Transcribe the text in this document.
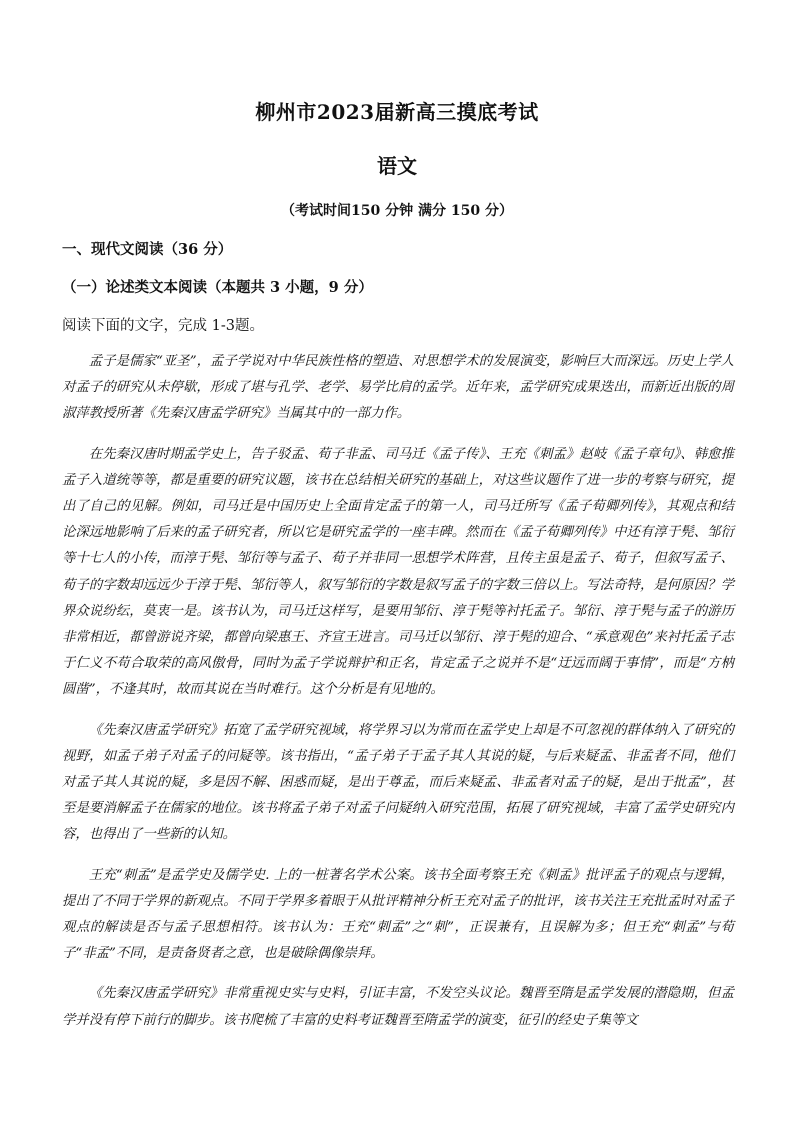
柳州市2023届新高三摸底考试
语文
（考试时间150 分钟 满分 150 分）
一、现代文阅读（36 分）
（一）论述类文本阅读（本题共 3 小题，9 分）
阅读下面的文字，完成 1-3题。

孟子是儒家“亚圣”，孟子学说对中华民族性格的塑造、对思想学术的发展演变，影响巨大而深远。历史上学人对孟子的研究从未停歇，形成了堪与孔学、老学、易学比肩的孟学。近年来，孟学研究成果迭出，而新近出版的周淑萍教授所著《先秦汉唐孟学研究》当属其中的一部力作。

在先秦汉唐时期孟学史上，告子驳孟、荀子非孟、司马迁《孟子传》、王充《刺孟》赵岐《孟子章句》、韩愈推孟子入道统等等，都是重要的研究议题，该书在总结相关研究的基础上，对这些议题作了进一步的考察与研究，提出了自己的见解。例如，司马迁是中国历史上全面肯定孟子的第一人，司马迁所写《孟子荀卿列传》，其观点和结论深远地影响了后来的孟子研究者，所以它是研究孟学的一座丰碑。然而在《孟子荀卿列传》中还有淳于髡、邹衍等十七人的小传，而淳于髡、邹衍等与孟子、荀子并非同一思想学术阵营，且传主虽是孟子、荀子，但叙写孟子、荀子的字数却远远少于淳于髡、邹衍等人，叙写邹衍的字数是叙写孟子的字数三倍以上。写法奇特，是何原因？学界众说纷纭，莫衷一是。该书认为，司马迁这样写，是要用邹衍、淳于髡等衬托孟子。邹衍、淳于髡与孟子的游历非常相近，都曾游说齐梁，都曾向梁惠王、齐宣王进言。司马迁以邹衍、淳于髡的迎合、“承意观色”来衬托孟子志于仁义不苟合取荣的高风傲骨，同时为孟子学说辩护和正名，肯定孟子之说并不是“迂远而阔于事情”，而是“方枘圆凿”，不逢其时，故而其说在当时难行。这个分析是有见地的。

《先秦汉唐孟学研究》拓宽了孟学研究视域，将学界习以为常而在孟学史上却是不可忽视的群体纳入了研究的视野，如孟子弟子对孟子的问疑等。该书指出，“孟子弟子于孟子其人其说的疑，与后来疑孟、非孟者不同，他们对孟子其人其说的疑，多是因不解、困惑而疑，是出于尊孟，而后来疑孟、非孟者对孟子的疑，是出于批孟”，甚至是要消解孟子在儒家的地位。该书将孟子弟子对孟子问疑纳入研究范围，拓展了研究视域，丰富了孟学史研究内容，也得出了一些新的认知。

王充“刺孟”是孟学史及儒学史. 上的一桩著名学术公案。该书全面考察王充《刺孟》批评孟子的观点与逻辑，提出了不同于学界的新观点。不同于学界多着眼于从批评精神分析王充对孟子的批评，该书关注王充批孟时对孟子观点的解读是否与孟子思想相符。该书认为：王充“刺孟”之“刺”，正误兼有，且误解为多；但王充“刺孟”与荀子“非孟”不同，是责备贤者之意，也是破除偶像崇拜。

《先秦汉唐孟学研究》非常重视史实与史料，引证丰富，不发空头议论。魏晋至隋是孟学发展的潜隐期，但孟学并没有停下前行的脚步。该书爬梳了丰富的史料考证魏晋至隋孟学的演变，征引的经史子集等文
